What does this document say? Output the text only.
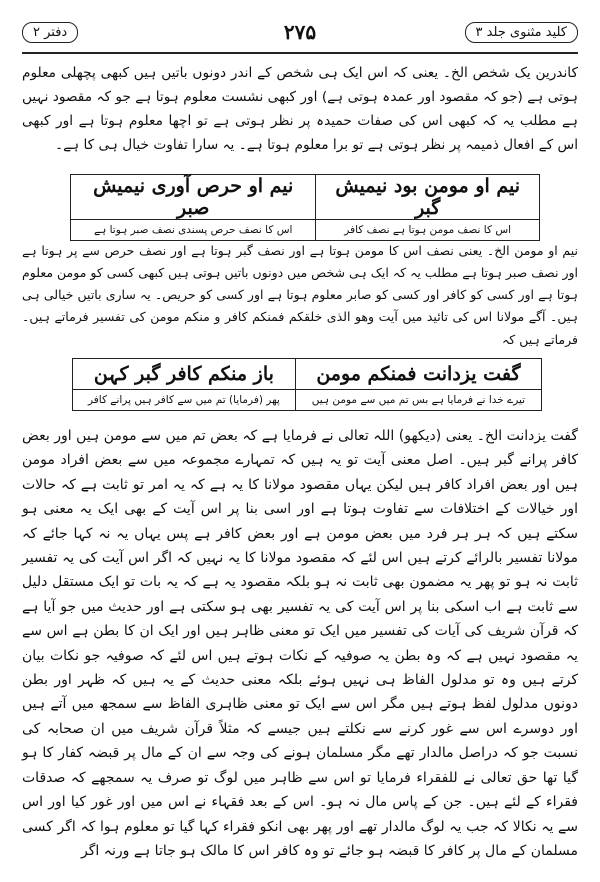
کلید مثنوی جلد ۳
۲۷۵
دفتر ۲

کاندرین یک شخص الخ۔ یعنی کہ اس ایک ہی شخص کے اندر دونوں باتیں ہیں کبھی پچھلی معلوم ہوتی ہے (جو کہ مقصود اور عمدہ ہوتی ہے) اور کبھی نشست معلوم ہوتا ہے جو کہ مقصود نہیں ہے مطلب یہ کہ کبھی اس کی صفات حمیدہ پر نظر ہوتی ہے تو اچھا معلوم ہوتا ہے اور کبھی اس کے افعال ذمیمہ پر نظر ہوتی ہے تو برا معلوم ہوتا ہے۔ یہ سارا تفاوت خیال ہی کا ہے۔

نیم او مومن بود نیمیش گبر	نیم او حرص آوری نیمیش صبر
اس کا نصف مومن ہوتا ہے نصف کافر	اس کا نصف حرص پسندی نصف صبر ہوتا ہے

نیم او مومن الخ۔ یعنی نصف اس کا مومن ہوتا ہے اور نصف گبر ہوتا ہے اور نصف حرص سے پر ہوتا ہے اور نصف صبر ہوتا ہے مطلب یہ کہ ایک ہی شخص میں دونوں باتیں ہوتی ہیں کبھی کسی کو مومن معلوم ہوتا ہے اور کسی کو کافر اور کسی کو صابر معلوم ہوتا ہے اور کسی کو حریص۔ یہ ساری باتیں خیالی ہی ہیں۔ آگے مولانا اس کی تائید میں آیت وھو الذی خلقکم فمنکم کافر و منکم مومن کی تفسیر فرماتے ہیں۔ فرماتے ہیں کہ

گفت یزدانت فمنکم مومن	باز منکم کافر گبر کہن
تیرے خدا نے فرمایا ہے بس تم میں سے مومن ہیں	پھر (فرمایا) تم میں سے کافر ہیں پرانے کافر

گفت یزدانت الخ۔ یعنی (دیکھو) اللہ تعالی نے فرمایا ہے کہ بعض تم میں سے مومن ہیں اور بعض کافر پرانے گبر ہیں۔ اصل معنی آیت تو یہ ہیں کہ تمہارے مجموعہ میں سے بعض افراد مومن ہیں اور بعض افراد کافر ہیں لیکن یہاں مقصود مولانا کا یہ ہے کہ یہ امر تو ثابت ہے کہ حالات اور خیالات کے اختلافات سے تفاوت ہوتا ہے اور اسی بنا پر اس آیت کے بھی ایک یہ معنی ہو سکتے ہیں کہ ہر ہر فرد میں بعض مومن ہے اور بعض کافر ہے پس یہاں یہ نہ کہا جائے کہ مولانا تفسیر بالرائے کرتے ہیں اس لئے کہ مقصود مولانا کا یہ نہیں کہ اگر اس آیت کی یہ تفسیر ثابت نہ ہو تو پھر یہ مضمون بھی ثابت نہ ہو بلکہ مقصود یہ ہے کہ یہ بات تو ایک مستقل دلیل سے ثابت ہے اب اسکی بنا پر اس آیت کی یہ تفسیر بھی ہو سکتی ہے اور حدیث میں جو آیا ہے کہ قرآن شریف کی آیات کی تفسیر میں ایک تو معنی ظاہر ہیں اور ایک ان کا بطن ہے اس سے یہ مقصود نہیں ہے کہ وہ بطن یہ صوفیہ کے نکات ہوتے ہیں اس لئے کہ صوفیہ جو نکات بیان کرتے ہیں وہ تو مدلول الفاظ ہی نہیں ہوئے بلکہ معنی حدیث کے یہ ہیں کہ ظہر اور بطن دونوں مدلول لفظ ہوتے ہیں مگر اس سے ایک تو معنی ظاہری الفاظ سے سمجھ میں آتے ہیں اور دوسرے اس سے غور کرنے سے نکلتے ہیں جیسے کہ مثلاً قرآن شریف میں ان صحابہ کی نسبت جو کہ دراصل مالدار تھے مگر مسلمان ہونے کی وجہ سے ان کے مال پر قبضہ کفار کا ہو گیا تھا حق تعالی نے للفقراء فرمایا تو اس سے ظاہر میں لوگ تو صرف یہ سمجھے کہ صدقات فقراء کے لئے ہیں۔ جن کے پاس مال نہ ہو۔ اس کے بعد فقہاء نے اس میں اور غور کیا اور اس سے یہ نکالا کہ جب یہ لوگ مالدار تھے اور پھر بھی انکو فقراء کہا گیا تو معلوم ہوا کہ اگر کسی مسلمان کے مال پر کافر کا قبضہ ہو جائے تو وہ کافر اس کا مالک ہو جاتا ہے ورنہ اگر
